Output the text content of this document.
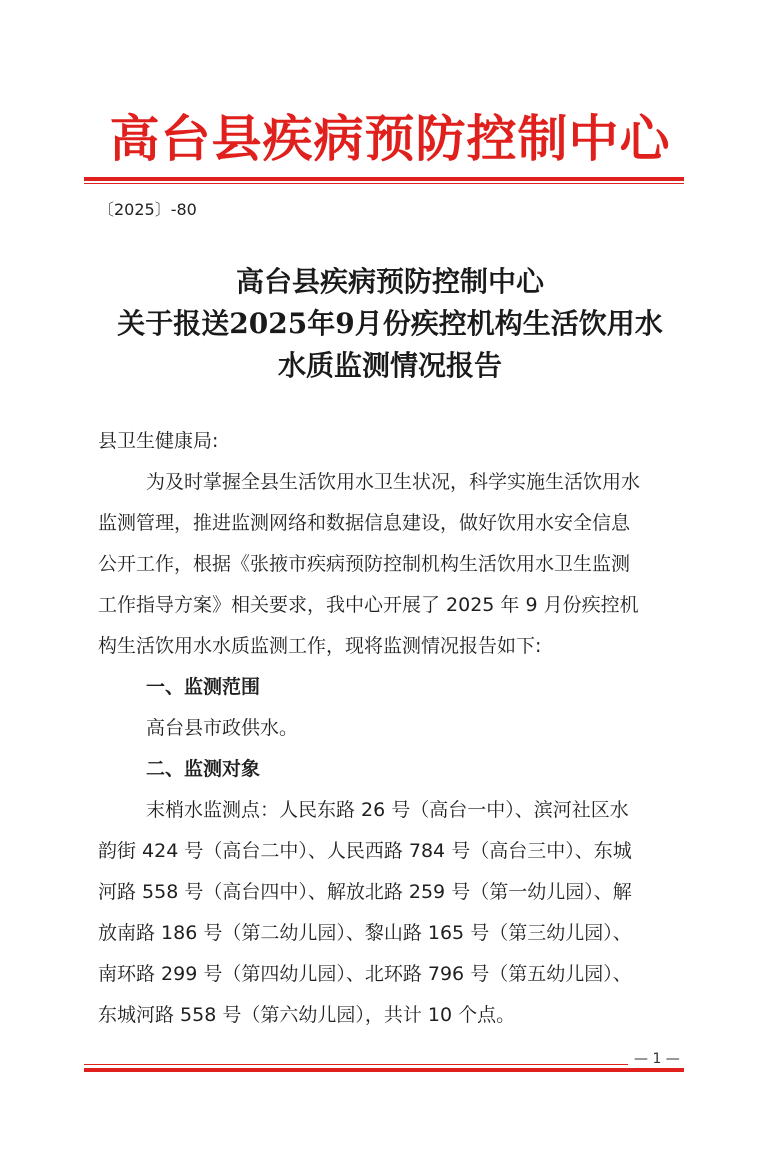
高台县疾病预防控制中心
〔2025〕-80
高台县疾病预防控制中心
关于报送2025年9月份疾控机构生活饮用水
水质监测情况报告
县卫生健康局:
为及时掌握全县生活饮用水卫生状况，科学实施生活饮用水
监测管理，推进监测网络和数据信息建设，做好饮用水安全信息
公开工作，根据《张掖市疾病预防控制机构生活饮用水卫生监测
工作指导方案》相关要求，我中心开展了 2025 年 9 月份疾控机
构生活饮用水水质监测工作，现将监测情况报告如下:
一、监测范围
高台县市政供水。
二、监测对象
末梢水监测点：人民东路 26 号（高台一中）、滨河社区水
韵街 424 号（高台二中）、人民西路 784 号（高台三中）、东城
河路 558 号（高台四中）、解放北路 259 号（第一幼儿园）、解
放南路 186 号（第二幼儿园）、黎山路 165 号（第三幼儿园）、
南环路 299 号（第四幼儿园）、北环路 796 号（第五幼儿园）、
东城河路 558 号（第六幼儿园），共计 10 个点。
— 1 —
